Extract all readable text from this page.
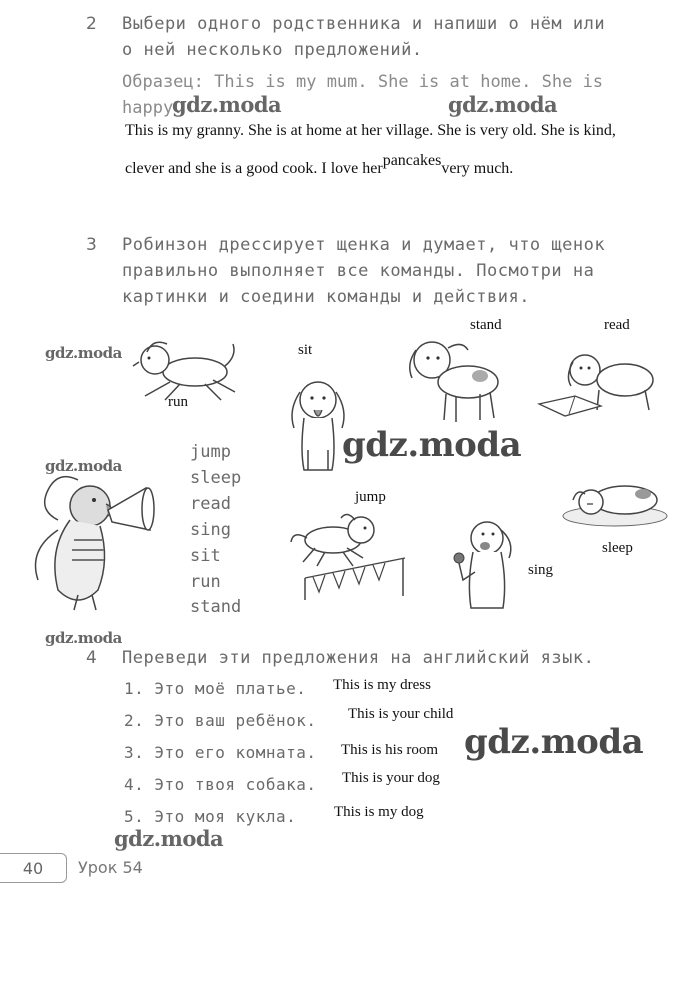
2 Выбери одного родственника и напиши о нём или
о ней несколько предложений.
Образец: This is my mum. She is at home. She is
happy.
gdz.moda	gdz.moda
This is my granny. She is at home at her village. She is very old. She is kind,
clever and she is a good cook. I love herpancakesvery much.
3 Робинзон дрессирует щенка и думает, что щенок
правильно выполняет все команды. Посмотри на
картинки и соедини команды и действия.
gdz.moda
gdz.moda
gdz.moda
gdz.moda
run
sit
stand	read
jump
sleep
read
sing
sit
run
stand
jump
sing
sleep
4 Переведи эти предложения на английский язык.
1. Это моё платье. This is my dress
2. Это ваш ребёнок. This is your child
3. Это его комната. This is his room gdz.moda
4. Это твоя собака. This is your dog
5. Это моя кукла.	This is my dog
gdz.moda
40	Урок 54
